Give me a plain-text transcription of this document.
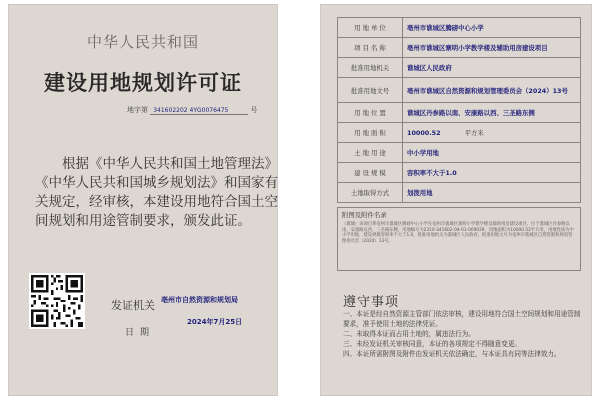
中华人民共和国
建设用地规划许可证
地字第 341602202 4YG0076475	号
根据《中华人民共和国土地管理法》《中华人民共和国城乡规划法》和国家有关规定，经审核，本建设用地符合国土空间规划和用途管制要求，颁发此证。
发证机关 亳州市自然资源和规划局
日期
2024年7月25日
用 地 单 位	亳州市谯城区腾磅中心小学
项 目 名 称	亳州市谯城区寨明小学教学楼及辅助用房建设项目
批准用地机关	谯城区人民政府
批准用地文号	亳州市谯城区自然资源和规划管理委员会（2024）13号
用 地 位 置	谯城区丹参路以南、安康路以西、三圣路东侧
用 地 面 积	10000.52 平方米
土 地 用 途	中小学用地
建 设 规 模	容积率不大于1.0
土地取得方式	划拨用地
附图及附件名录
（谯城）该项目系亳州市谯城区腾磅中心小学在亳州市谯城区寨明小学教学楼及辅助用房建设项目，位于谯城区丹参路以南、安康路以西、三圣路东侧，用地编号为2310-341602-04-01-009039，用地面积为10000.52平方米，用地性质为中小学用地，建设规模容积率不大于1.0，批准用地机关为谯城区人民政府，批准用地文号为亳州市谯城区自然资源和规划管理委员会（2024）13号。
遵守事项
一、本证是经自然资源主管部门依法审核，建设用地符合国土空间规划和用途管制要求，准予使用土地的法律凭证。
二、未取得本证而占用土地的，属违法行为。
三、未经发证机关审核同意，本证的各项规定不得随意变更。
四、本证所需附图及附件由发证机关依法确定，与本证具有同等法律效力。
